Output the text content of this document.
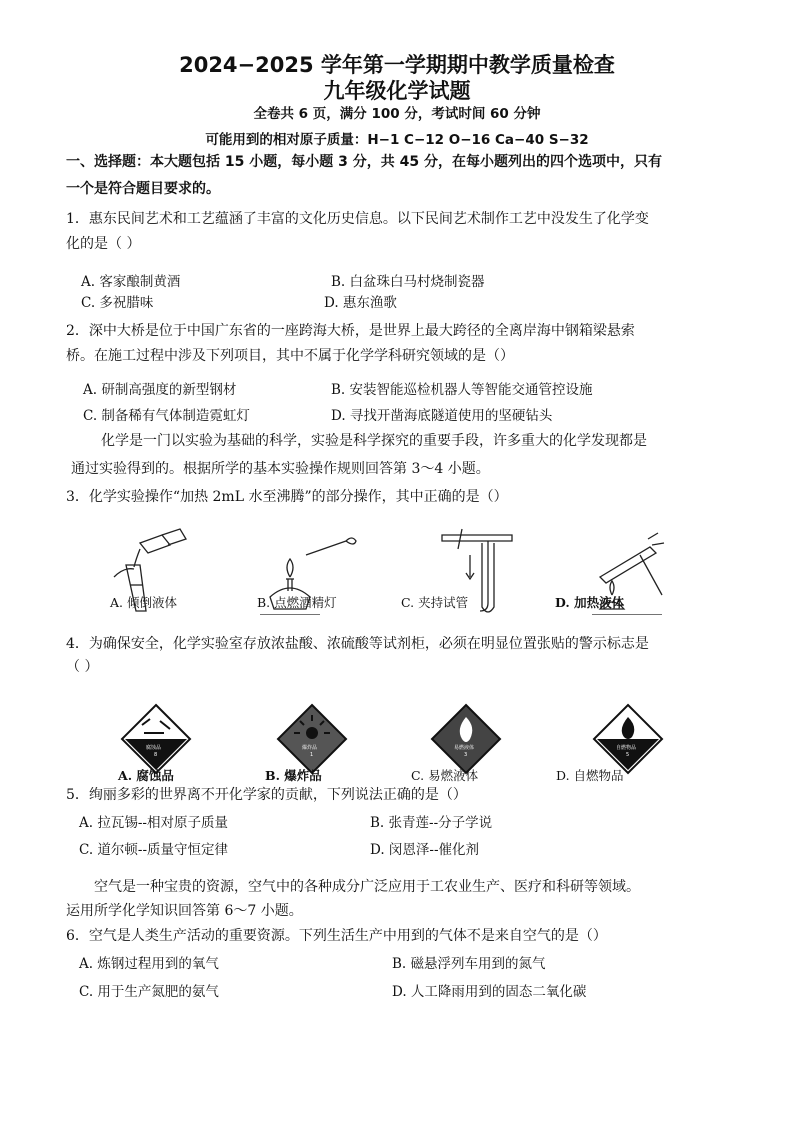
2024−2025 学年第一学期期中教学质量检查
九年级化学试题
全卷共 6 页，满分 100 分，考试时间 60 分钟
可能用到的相对原子质量：H−1 C−12 O−16 Ca−40 S−32
一、选择题：本大题包括 15 小题，每小题 3 分，共 45 分，在每小题列出的四个选项中，只有
一个是符合题目要求的。
1．惠东民间艺术和工艺蕴涵了丰富的文化历史信息。以下民间艺术制作工艺中没发生了化学变
化的是（ ）
A. 客家酿制黄酒	B. 白盆珠白马村烧制瓷器
C. 多祝腊味	D. 惠东渔歌
2．深中大桥是位于中国广东省的一座跨海大桥，是世界上最大跨径的全离岸海中钢箱梁悬索
桥。在施工过程中涉及下列项目，其中不属于化学学科研究领域的是（）
A. 研制高强度的新型钢材	B. 安装智能巡检机器人等智能交通管控设施
C. 制备稀有气体制造霓虹灯	D. 寻找开凿海底隧道使用的坚硬钻头
化学是一门以实验为基础的科学，实验是科学探究的重要手段，许多重大的化学发现都是
通过实验得到的。根据所学的基本实验操作规则回答第 3～4 小题。
3．化学实验操作“加热 2mL 水至沸腾”的部分操作，其中正确的是（）
A. 倾倒液体	B. 点燃酒精灯	C. 夹持试管	D. 加热液体
4．为确保安全，化学实验室存放浓盐酸、浓硫酸等试剂柜，必须在明显位置张贴的警示标志是
（ ）
腐蚀品
8
爆炸品
1
易燃液体
3
自燃物品
5
A. 腐蚀品	B. 爆炸品	C. 易燃液体	D. 自燃物品
5．绚丽多彩的世界离不开化学家的贡献，下列说法正确的是（）
A. 拉瓦锡--相对原子质量	B. 张青莲--分子学说
C. 道尔顿--质量守恒定律	D. 闵恩泽--催化剂
空气是一种宝贵的资源，空气中的各种成分广泛应用于工农业生产、医疗和科研等领域。
运用所学化学知识回答第 6～7 小题。
6．空气是人类生产活动的重要资源。下列生活生产中用到的气体不是来自空气的是（）
A. 炼钢过程用到的氧气	B. 磁悬浮列车用到的氮气
C. 用于生产氮肥的氨气	D. 人工降雨用到的固态二氧化碳
